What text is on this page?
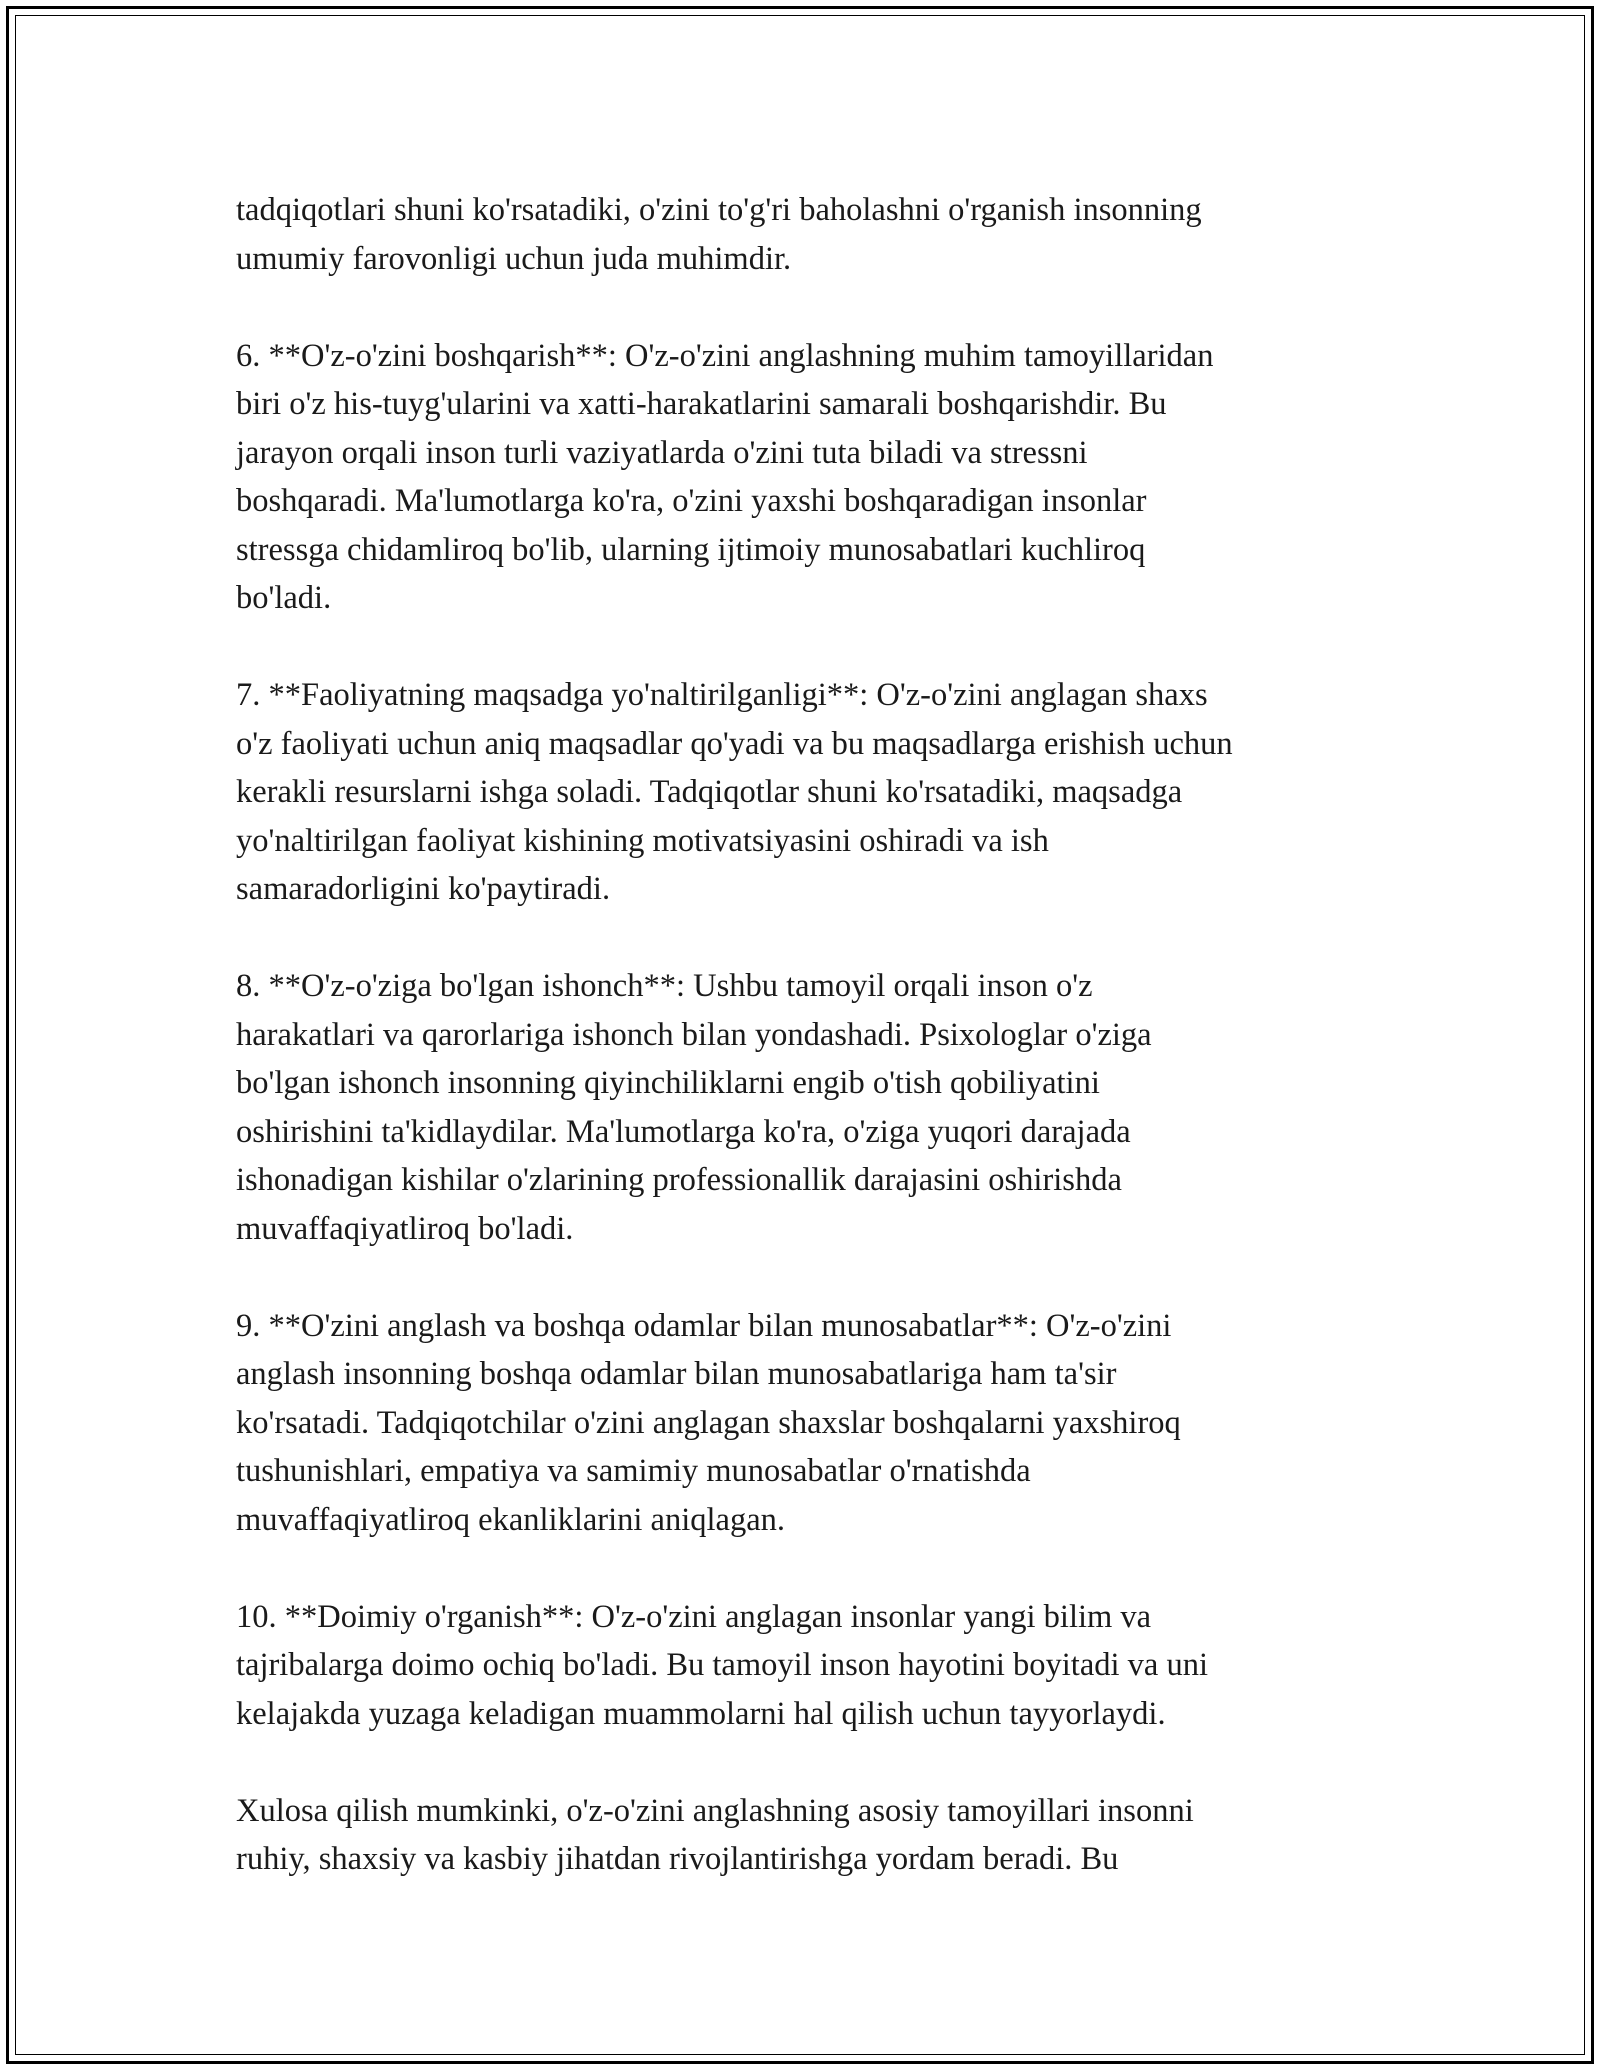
tadqiqotlari shuni ko'rsatadiki, o'zini to'g'ri baholashni o'rganish insonning
umumiy farovonligi uchun juda muhimdir.

6. **O'z-o'zini boshqarish**: O'z-o'zini anglashning muhim tamoyillaridan
biri o'z his-tuyg'ularini va xatti-harakatlarini samarali boshqarishdir. Bu
jarayon orqali inson turli vaziyatlarda o'zini tuta biladi va stressni
boshqaradi. Ma'lumotlarga ko'ra, o'zini yaxshi boshqaradigan insonlar
stressga chidamliroq bo'lib, ularning ijtimoiy munosabatlari kuchliroq
bo'ladi.

7. **Faoliyatning maqsadga yo'naltirilganligi**: O'z-o'zini anglagan shaxs
o'z faoliyati uchun aniq maqsadlar qo'yadi va bu maqsadlarga erishish uchun
kerakli resurslarni ishga soladi. Tadqiqotlar shuni ko'rsatadiki, maqsadga
yo'naltirilgan faoliyat kishining motivatsiyasini oshiradi va ish
samaradorligini ko'paytiradi.

8. **O'z-o'ziga bo'lgan ishonch**: Ushbu tamoyil orqali inson o'z
harakatlari va qarorlariga ishonch bilan yondashadi. Psixologlar o'ziga
bo'lgan ishonch insonning qiyinchiliklarni engib o'tish qobiliyatini
oshirishini ta'kidlaydilar. Ma'lumotlarga ko'ra, o'ziga yuqori darajada
ishonadigan kishilar o'zlarining professionallik darajasini oshirishda
muvaffaqiyatliroq bo'ladi.

9. **O'zini anglash va boshqa odamlar bilan munosabatlar**: O'z-o'zini
anglash insonning boshqa odamlar bilan munosabatlariga ham ta'sir
ko'rsatadi. Tadqiqotchilar o'zini anglagan shaxslar boshqalarni yaxshiroq
tushunishlari, empatiya va samimiy munosabatlar o'rnatishda
muvaffaqiyatliroq ekanliklarini aniqlagan.

10. **Doimiy o'rganish**: O'z-o'zini anglagan insonlar yangi bilim va
tajribalarga doimo ochiq bo'ladi. Bu tamoyil inson hayotini boyitadi va uni
kelajakda yuzaga keladigan muammolarni hal qilish uchun tayyorlaydi.

Xulosa qilish mumkinki, o'z-o'zini anglashning asosiy tamoyillari insonni
ruhiy, shaxsiy va kasbiy jihatdan rivojlantirishga yordam beradi. Bu
